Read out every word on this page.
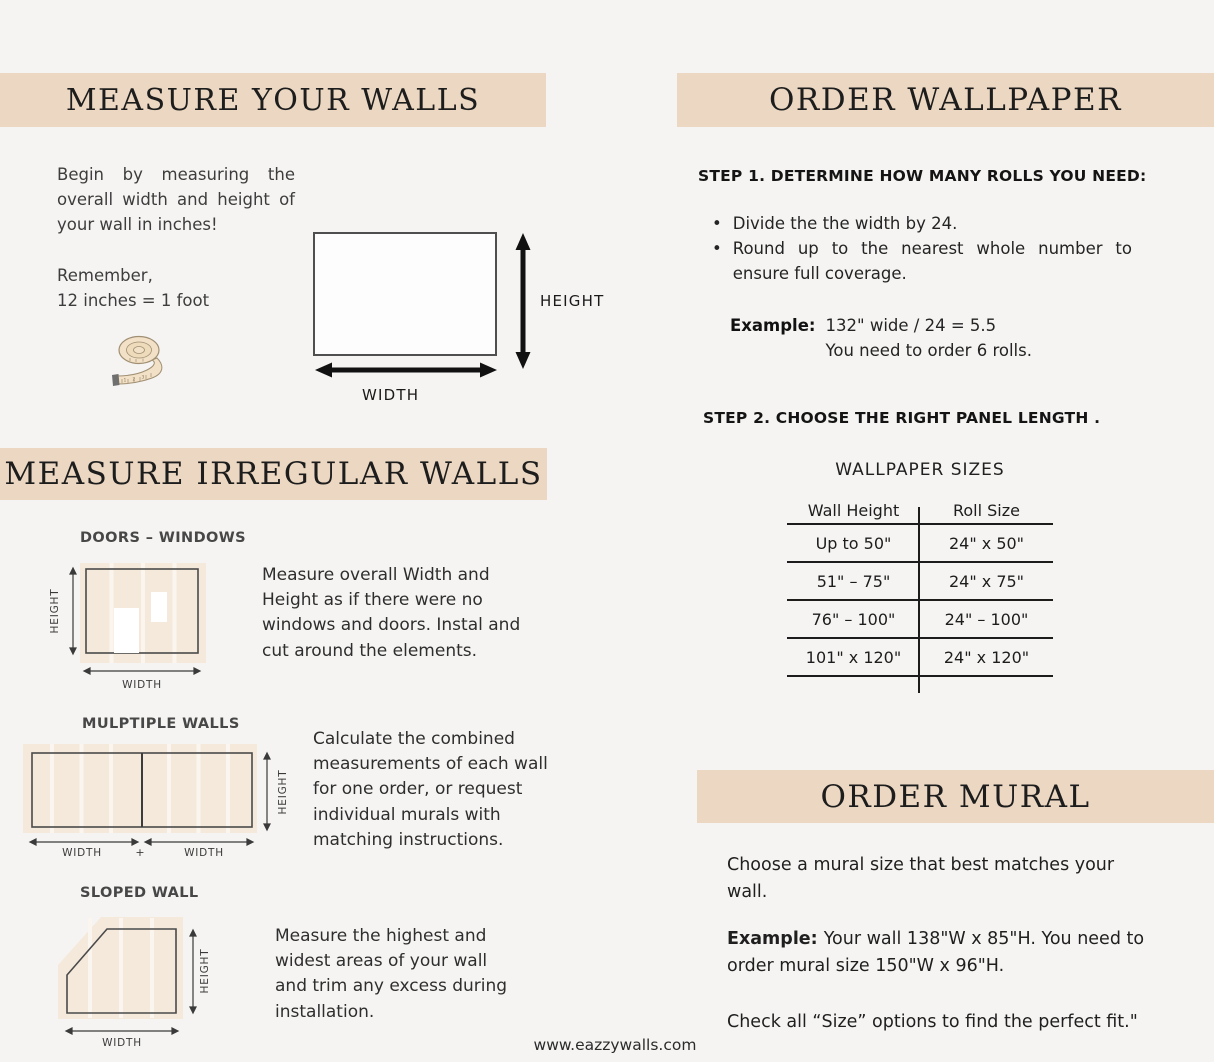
MEASURE YOUR WALLS
Begin by measuring the overall width and height of your wall in inches!
Remember,
12 inches = 1 foot
1 2 3
HEIGHT
WIDTH
MEASURE IRREGULAR WALLS
DOORS – WINDOWS
HEIGHT
WIDTH
Measure overall Width and Height as if there were no windows and doors. Instal and cut around the elements.
MULPTIPLE WALLS
HEIGHT
WIDTH	+	WIDTH
Calculate the combined measurements of each wall for one order, or request individual murals with matching instructions.
SLOPED WALL
HEIGHT
WIDTH
Measure the highest and widest areas of your wall and trim any excess during installation.
ORDER WALLPAPER
STEP 1. DETERMINE HOW MANY ROLLS YOU NEED:
• Divide the the width by 24.
• Round up to the nearest whole number to ensure full coverage.
Example: 132" wide / 24 = 5.5
You need to order 6 rolls.
STEP 2. CHOOSE THE RIGHT PANEL LENGTH .
WALLPAPER SIZES
Wall Height	Roll Size
Up to 50"	24" x 50"
51" – 75"	24" x 75"
76" – 100"	24" – 100"
101" x 120"	24" x 120"
ORDER MURAL
Choose a mural size that best matches your wall.
Example: Your wall 138"W x 85"H. You need to order mural size 150"W x 96"H.
Check all “Size” options to find the perfect fit."
www.eazzywalls.com
